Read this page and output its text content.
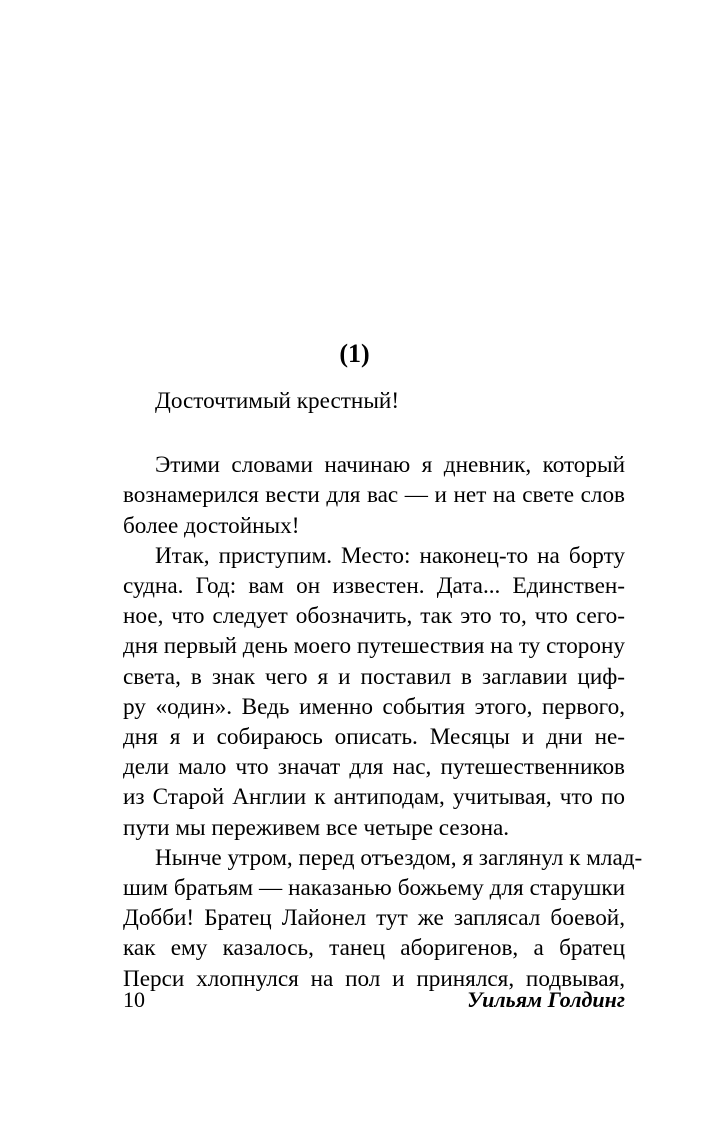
(1)

Досточтимый крестный!

Этими словами начинаю я дневник, который
вознамерился вести для вас — и нет на свете слов
более достойных!
Итак, приступим. Место: наконец-то на борту
судна. Год: вам он известен. Дата... Единствен-
ное, что следует обозначить, так это то, что сего-
дня первый день моего путешествия на ту сторону
света, в знак чего я и поставил в заглавии циф-
ру «один». Ведь именно события этого, первого,
дня я и собираюсь описать. Месяцы и дни не-
дели мало что значат для нас, путешественников
из Старой Англии к антиподам, учитывая, что по
пути мы переживем все четыре сезона.
Нынче утром, перед отъездом, я заглянул к млад-
шим братьям — наказанью божьему для старушки
Добби! Братец Лайонел тут же заплясал боевой,
как ему казалось, танец аборигенов, а братец
Перси хлопнулся на пол и принялся, подвывая,
10	Уильям Голдинг
